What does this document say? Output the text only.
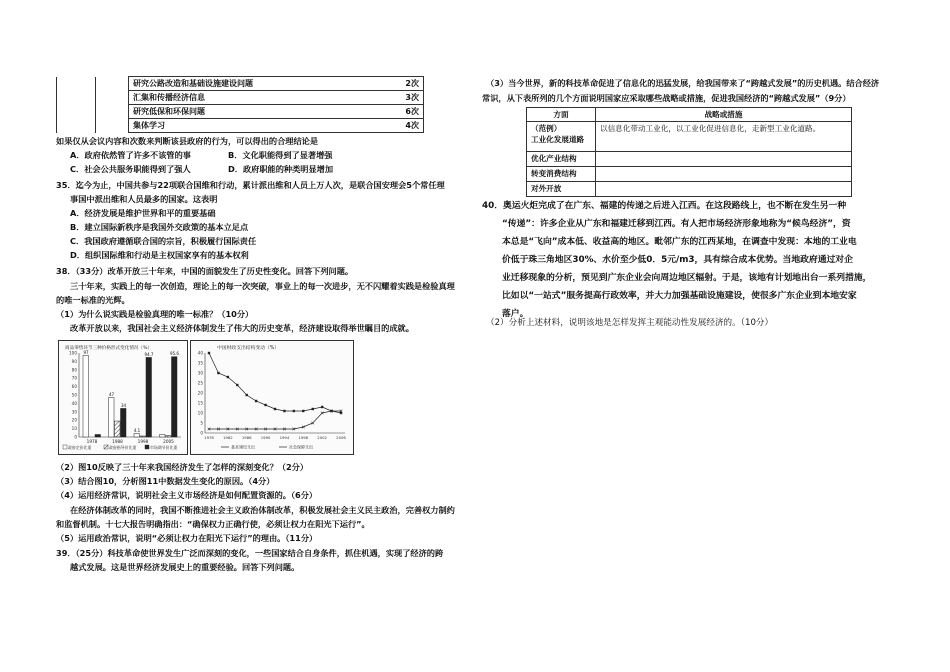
		研究公路改造和基础设施建设问题	2次
		汇集和传播经济信息	3次
		研究低保和环保问题	6次
		集体学习	4次
如果仅从会议内容和次数来判断该县政府的行为，可以得出的合理结论是
A．政府依然管了许多不该管的事	B．文化职能得到了显著增强
C．社会公共服务职能得到了强人	D．政府职能的种类明显增加
35．迄今为止，中国共参与22项联合国维和行动，累计派出维和人员上万人次，是联合国安理会5个常任理
事国中派出维和人员最多的国家。这表明
A．经济发展是维护世界和平的重要基础
B．建立国际新秩序是我国外交政策的基本立足点
C．我国政府遵循联合国的宗旨，积极履行国际责任
D．组织国际维和行动是主权国家享有的基本权利
38．（33分）改革开放三十年来，中国的面貌发生了历史性变化。回答下列问题。
三十年来，实践上的每一次创造，理论上的每一次突破，事业上的每一次进步，无不闪耀着实践是检验真理
的唯一标准的光辉。
（1）为什么说实践是检验真理的唯一标准？（10分）
改革开放以来，我国社会主义经济体制发生了伟大的历史变革，经济建设取得举世瞩目的成就。
商品零售环节三种价格形式变化情况（%）
0
10
20
30
40
50
60
70
80
90
100
1978	1988	1998	2005
97
47
34
4.1
94.7	95.6
政府定价比重	政府指导价比重	市场调节价比重
中国财政支出结构变动（%）
0
5
10
15
20
25
30
35
40
1978 1982 1986 1990 1994 1998 2002 2006
基本建设支出	社会保障支出
（2）图10反映了三十年来我国经济发生了怎样的深刻变化？（2分）
（3）结合图10，分析图11中数据发生变化的原因。（4分）
（4）运用经济常识，说明社会主义市场经济是如何配置资源的。（6分）
在经济体制改革的同时，我国不断推进社会主义政治体制改革，积极发展社会主义民主政治，完善权力制约
和监督机制。十七大报告明确指出：“确保权力正确行使，必须让权力在阳光下运行”。
（5）运用政治常识，说明“必须让权力在阳光下运行”的理由。（11分）
39．（25分）科技革命使世界发生广泛而深刻的变化，一些国家结合自身条件，抓住机遇，实现了经济的跨
越式发展。这是世界经济发展史上的重要经验。回答下列问题。
（3）当今世界，新的科技革命促进了信息化的迅猛发展，给我国带来了“跨越式发展”的历史机遇。结合经济
常识，从下表所列的几个方面说明国家应采取哪些战略或措施，促进我国经济的“跨越式发展”（9分）
方面	战略或措施

（范例）
工业化发展道路	以信息化带动工业化，以工业化促进信息化，走新型工业化道路。
优化产业结构	
转变消费结构	
对外开放	
40．奥运火炬完成了在广东、福建的传递之后进入江西。在这段路线上，也不断在发生另一种
“传递”：许多企业从广东和福建迁移到江西。有人把市场经济形象地称为“候鸟经济”，资
本总是“飞向”成本低、收益高的地区。毗邻广东的江西某地，在调查中发现：本地的工业电
价低于珠三角地区30%、水价至少低0．5元/m3，具有综合成本优势。当地政府通过对企
业迁移现象的分析，预见到广东企业会向周边地区辐射。于是，该地有计划地出台一系列措施，
比如以“一站式”服务提高行政效率，并大力加强基础设施建设，使很多广东企业到本地安家
落户。
（2）分析上述材料，说明该地是怎样发挥主观能动性发展经济的。（10分）
